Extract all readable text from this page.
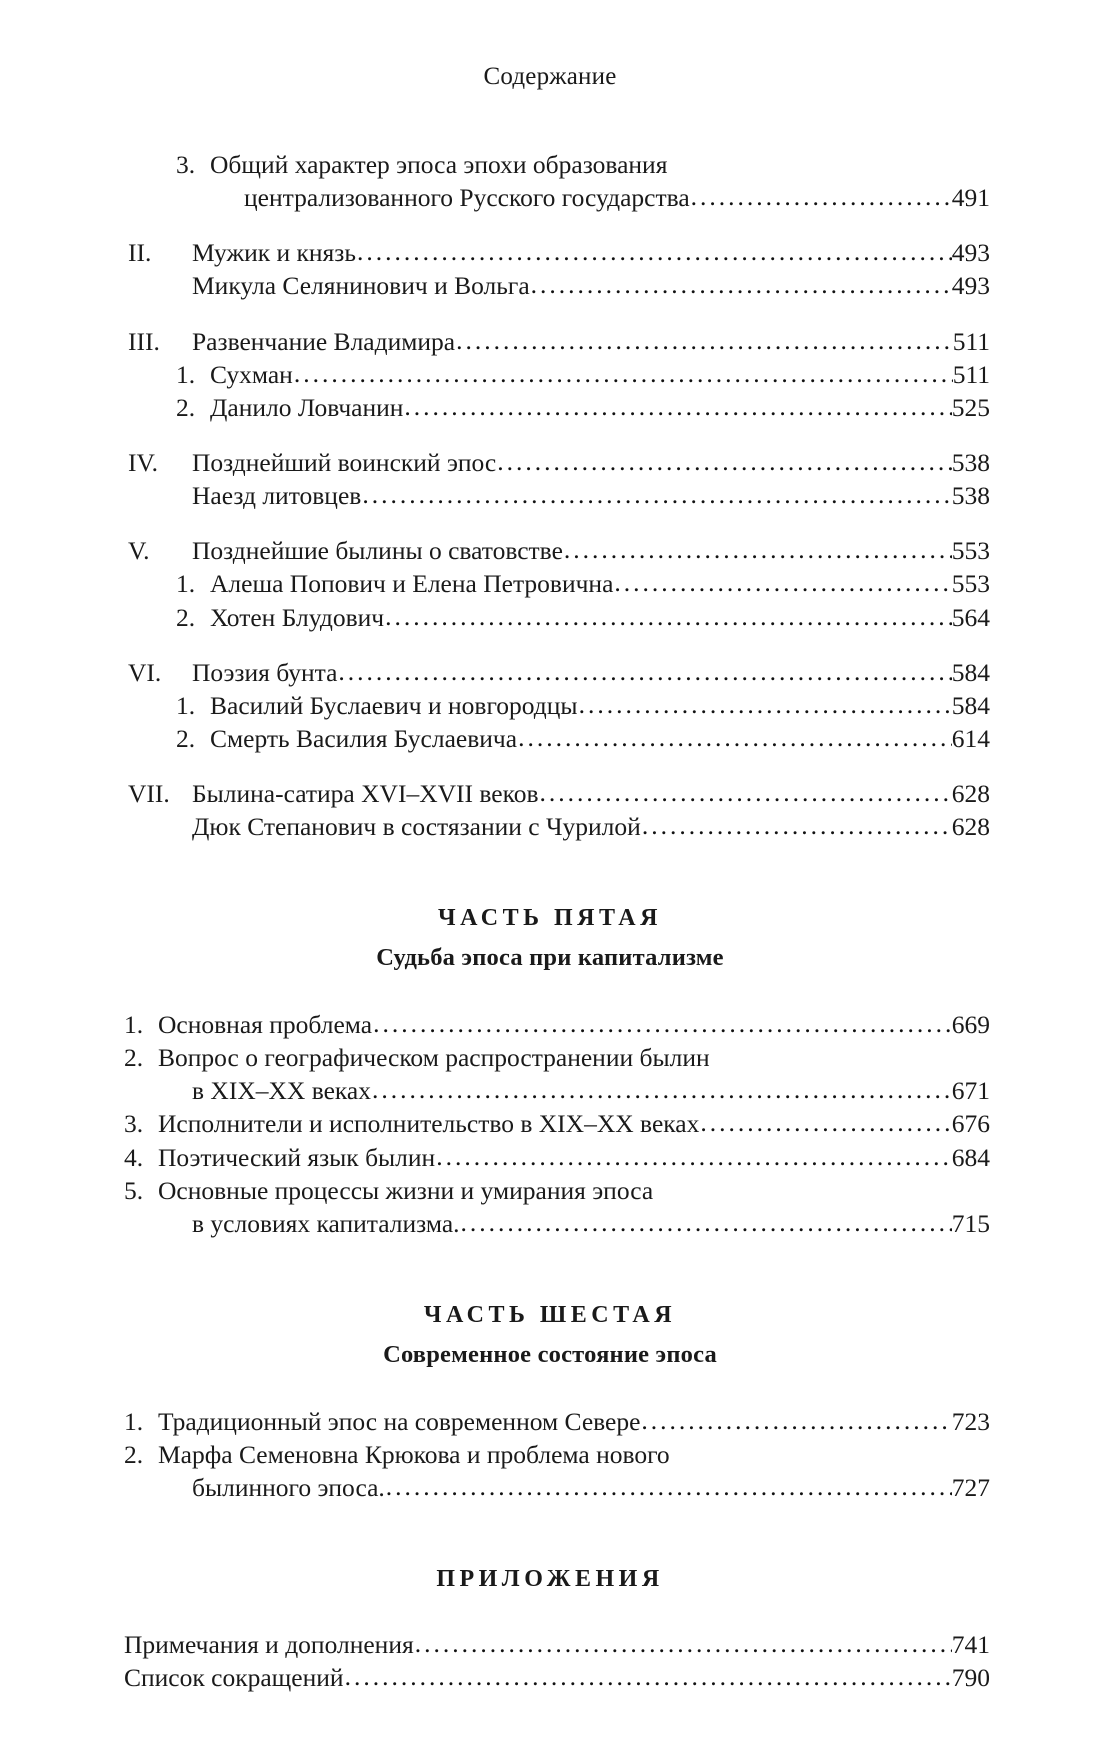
Содержание
3. Общий характер эпоса эпохи образования
централизованного Русского государства .....	491
II.	Мужик и князь .....	493
Микула Селянинович и Вольга .....	493
III.	Развенчание Владимира .....	511
1. Сухман .....	511
2. Данило Ловчанин .....	525
IV.	Позднейший воинский эпос .....	538
Наезд литовцев .....	538
V.	Позднейшие былины о сватовстве .....	553
1. Алеша Попович и Елена Петровична .....	553
2. Хотен Блудович .....	564
VI.	Поэзия бунта .....	584
1. Василий Буслаевич и новгородцы .....	584
2. Смерть Василия Буслаевича .....	614
VII. Былина-сатира XVI–XVII веков .....	628
Дюк Степанович в состязании с Чурилой .....	628
ЧАСТЬ ПЯТАЯ
Судьба эпоса при капитализме
1. Основная проблема .....	669
2. Вопрос о географическом распространении былин
в XIX–XX веках .....	671
3. Исполнители и исполнительство в XIX–XX веках .....	676
4. Поэтический язык былин .....	684
5. Основные процессы жизни и умирания эпоса
в условиях капитализма. .....	715
ЧАСТЬ ШЕСТАЯ
Современное состояние эпоса
1. Традиционный эпос на современном Севере .....	723
2. Марфа Семеновна Крюкова и проблема нового
былинного эпоса. .....	727
ПРИЛОЖЕНИЯ
Примечания и дополнения .....	741
Список сокращений .....	790
